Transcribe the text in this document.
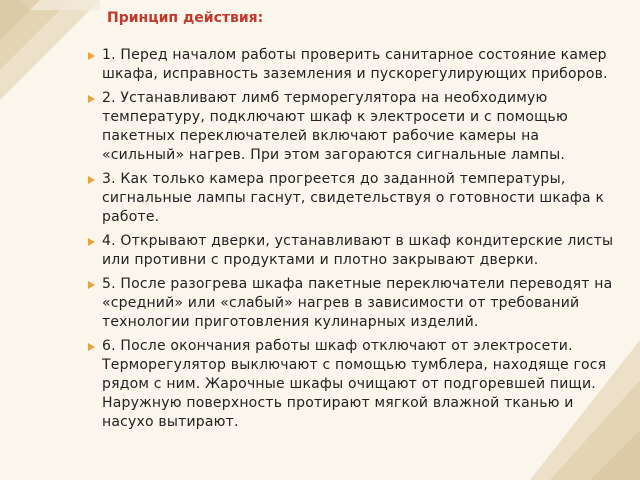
Принцип действия:
1. Перед началом работы проверить санитарное состояние камер шкафа, исправность заземления и пускорегулирующих приборов.
2. Устанавливают лимб терморегулятора на необходимую температуру, подключают шкаф к электросети и с помощью пакетных переключателей включают рабочие камеры на «сильный» нагрев. При этом загораются сигнальные лампы.
3. Как только камера прогреется до заданной температуры, сигнальные лампы гаснут, свидетельствуя о готовности шкафа к работе.
4. Открывают дверки, устанавливают в шкаф кондитерские листы или противни с продуктами и плотно закрывают дверки.
5. После разогрева шкафа пакетные переключатели переводят на «средний» или «слабый» нагрев в зависимости от требований технологии приготовления кулинарных изделий.
6. После окончания работы шкаф отключают от электросети. Терморегулятор выключают с помощью тумблера, находяще гося рядом с ним. Жарочные шкафы очищают от подгоревшей пищи. Наружную поверхность протирают мягкой влажной тканью и насухо вытирают.
